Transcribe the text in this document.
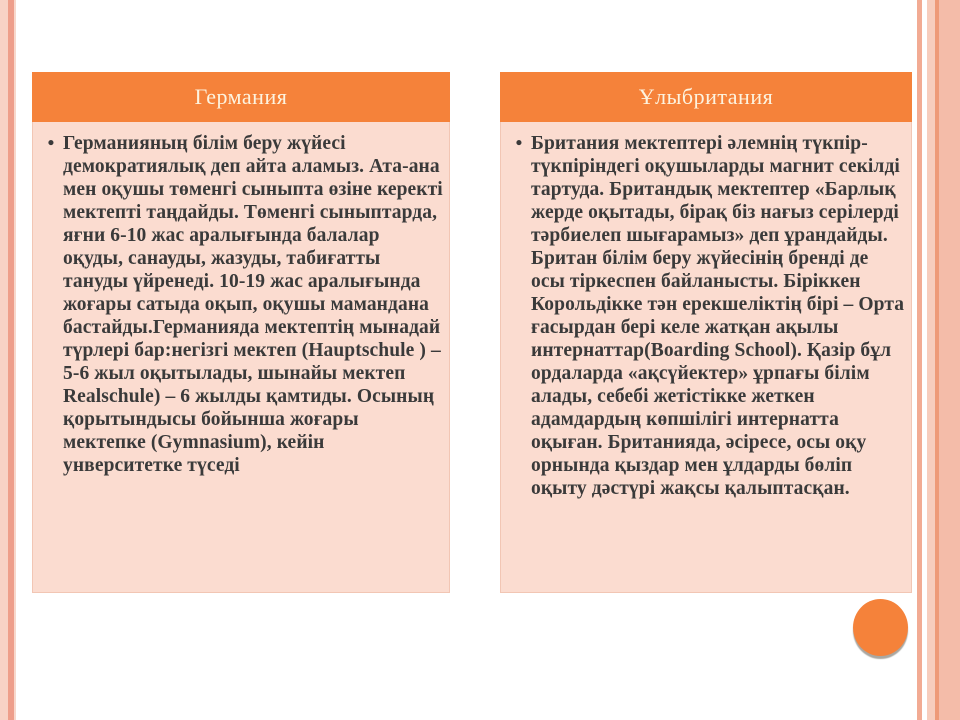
Германия
• Германияның білім беру жүйесі демократиялық деп айта аламыз. Ата-ана мен оқушы төменгі сыныпта өзіне керекті мектепті таңдайды. Төменгі сыныптарда, яғни 6-10 жас аралығында балалар оқуды, санауды, жазуды, табиғатты тануды үйренеді. 10-19 жас аралығында жоғары сатыда оқып, оқушы мамандана бастайды.Германияда мектептің мынадай түрлері бар:негізгі мектеп (Hauptschule ) – 5-6 жыл оқытылады, шынайы мектеп Realschule) – 6 жылды қамтиды. Осының қорытындысы бойынша жоғары мектепке (Gymnasium), кейін унверситетке түседі
Ұлыбритания
• Британия мектептері әлемнің түкпір-түкпіріндегі оқушыларды магнит секілді тартуда. Британдық мектептер «Барлық жерде оқытады, бірақ біз нағыз серілерді тәрбиелеп шығарамыз» деп ұрандайды. Британ білім беру жүйесінің бренді де осы тіркеспен байланысты. Біріккен Корольдікке тән ерекшеліктің бірі – Орта ғасырдан бері келе жатқан ақылы интернаттар(Boarding School). Қазір бұл ордаларда «ақсүйектер» ұрпағы білім алады, себебі жетістікке жеткен адамдардың көпшілігі интернатта оқыған. Британияда, әсіресе, осы оқу орнында қыздар мен ұлдарды бөліп оқыту дәстүрі жақсы қалыптасқан.
